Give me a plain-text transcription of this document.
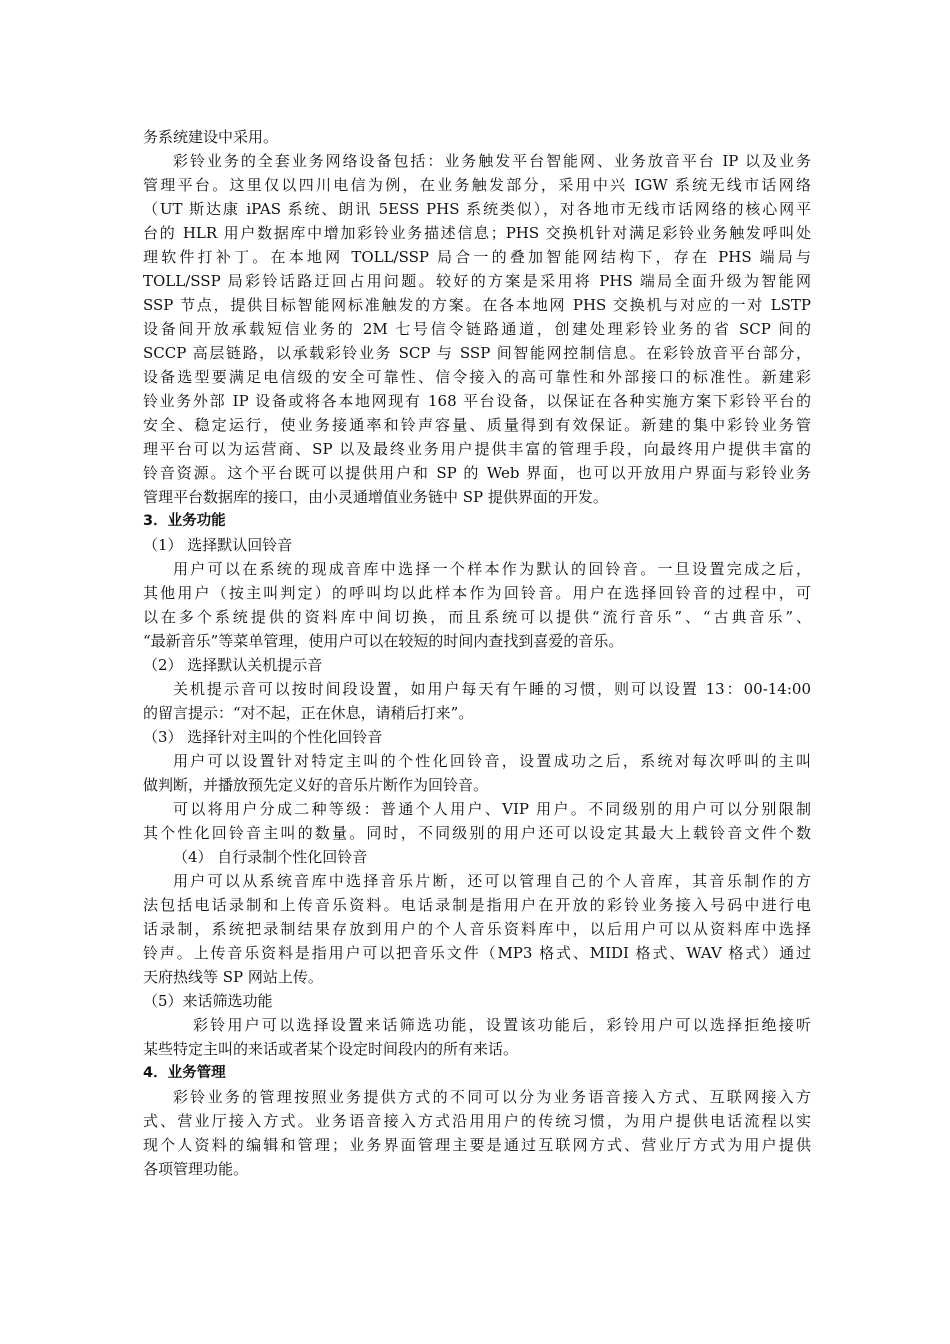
务系统建设中采用。
彩铃业务的全套业务网络设备包括：业务触发平台智能网、业务放音平台 IP 以及业务
管理平台。这里仅以四川电信为例，在业务触发部分，采用中兴 IGW 系统无线市话网络
（UT 斯达康 iPAS 系统、朗讯 5ESS PHS 系统类似），对各地市无线市话网络的核心网平
台的 HLR 用户数据库中增加彩铃业务描述信息；PHS 交换机针对满足彩铃业务触发呼叫处
理软件打补丁。在本地网 TOLL/SSP 局合一的叠加智能网结构下，存在 PHS 端局与
TOLL/SSP 局彩铃话路迂回占用问题。较好的方案是采用将 PHS 端局全面升级为智能网
SSP 节点，提供目标智能网标准触发的方案。在各本地网 PHS 交换机与对应的一对 LSTP
设备间开放承载短信业务的 2M 七号信令链路通道，创建处理彩铃业务的省 SCP 间的
SCCP 高层链路，以承载彩铃业务 SCP 与 SSP 间智能网控制信息。在彩铃放音平台部分，
设备选型要满足电信级的安全可靠性、信令接入的高可靠性和外部接口的标准性。新建彩
铃业务外部 IP 设备或将各本地网现有 168 平台设备，以保证在各种实施方案下彩铃平台的
安全、稳定运行，使业务接通率和铃声容量、质量得到有效保证。新建的集中彩铃业务管
理平台可以为运营商、SP 以及最终业务用户提供丰富的管理手段，向最终用户提供丰富的
铃音资源。这个平台既可以提供用户和 SP 的 Web 界面，也可以开放用户界面与彩铃业务
管理平台数据库的接口，由小灵通增值业务链中 SP 提供界面的开发。
3．业务功能
（1） 选择默认回铃音
用户可以在系统的现成音库中选择一个样本作为默认的回铃音。一旦设置完成之后，
其他用户（按主叫判定）的呼叫均以此样本作为回铃音。用户在选择回铃音的过程中，可
以在多个系统提供的资料库中间切换，而且系统可以提供“流行音乐”、“古典音乐”、
“最新音乐”等菜单管理，使用户可以在较短的时间内查找到喜爱的音乐。
（2） 选择默认关机提示音
关机提示音可以按时间段设置，如用户每天有午睡的习惯，则可以设置 13：00-14:00
的留言提示：“对不起，正在休息，请稍后打来”。
（3） 选择针对主叫的个性化回铃音
用户可以设置针对特定主叫的个性化回铃音，设置成功之后，系统对每次呼叫的主叫
做判断，并播放预先定义好的音乐片断作为回铃音。
可以将用户分成二种等级：普通个人用户、VIP 用户。不同级别的用户可以分别限制
其个性化回铃音主叫的数量。同时，不同级别的用户还可以设定其最大上载铃音文件个数
（4） 自行录制个性化回铃音
用户可以从系统音库中选择音乐片断，还可以管理自己的个人音库，其音乐制作的方
法包括电话录制和上传音乐资料。电话录制是指用户在开放的彩铃业务接入号码中进行电
话录制，系统把录制结果存放到用户的个人音乐资料库中，以后用户可以从资料库中选择
铃声。上传音乐资料是指用户可以把音乐文件（MP3 格式、MIDI 格式、WAV 格式）通过
天府热线等 SP 网站上传。
（5）来话筛选功能
彩铃用户可以选择设置来话筛选功能，设置该功能后，彩铃用户可以选择拒绝接听
某些特定主叫的来话或者某个设定时间段内的所有来话。
4．业务管理
彩铃业务的管理按照业务提供方式的不同可以分为业务语音接入方式、互联网接入方
式、营业厅接入方式。业务语音接入方式沿用用户的传统习惯，为用户提供电话流程以实
现个人资料的编辑和管理；业务界面管理主要是通过互联网方式、营业厅方式为用户提供
各项管理功能。
